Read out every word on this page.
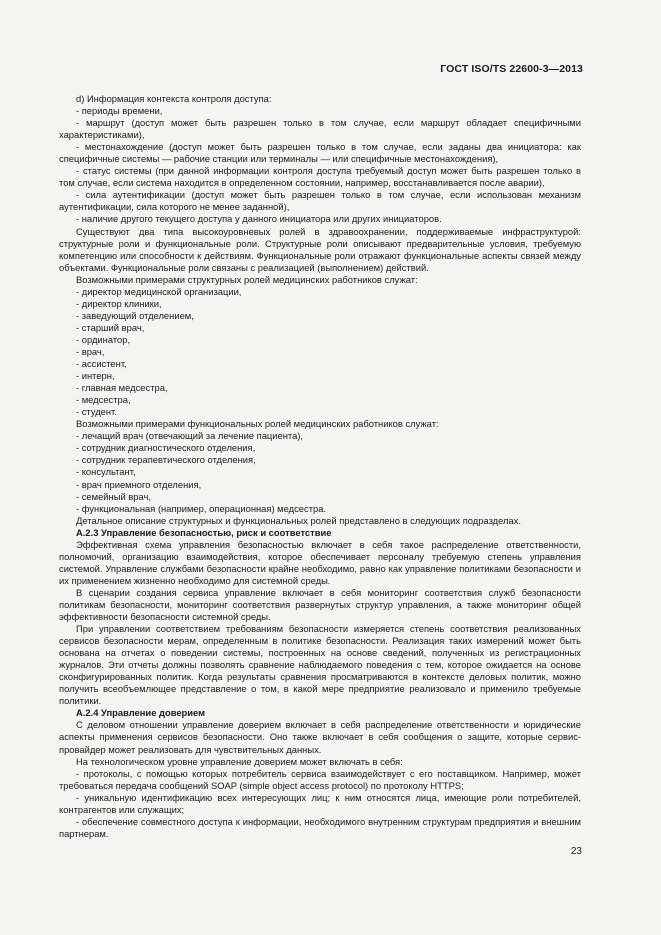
ГОСТ ISO/TS 22600-3—2013

d) Информация контекста контроля доступа:

- периоды времени,

- маршрут (доступ может быть разрешен только в том случае, если маршрут обладает специфичными характеристиками),

- местонахождение (доступ может быть разрешен только в том случае, если заданы два инициатора: как специфичные системы — рабочие станции или терминалы — или специфичные местонахождения),

- статус системы (при данной информации контроля доступа требуемый доступ может быть разрешен только в том случае, если система находится в определенном состоянии, например, восстанавливается после аварии),

- сила аутентификации (доступ может быть разрешен только в том случае, если использован механизм аутентификации, сила которого не менее заданной),

- наличие другого текущего доступа у данного инициатора или других инициаторов.

Существуют два типа высокоуровневых ролей в здравоохранении, поддерживаемые инфраструктурой: структурные роли и функциональные роли. Структурные роли описывают предварительные условия, требуемую компетенцию или способности к действиям. Функциональные роли отражают функциональные аспекты связей между объектами. Функциональные роли связаны с реализацией (выполнением) действий.

Возможными примерами структурных ролей медицинских работников служат:

- директор медицинской организации,

- директор клиники,

- заведующий отделением,

- старший врач,

- ординатор,

- врач,

- ассистент,

- интерн,

- главная медсестра,

- медсестра,

- студент.

Возможными примерами функциональных ролей медицинских работников служат:

- лечащий врач (отвечающий за лечение пациента),

- сотрудник диагностического отделения,

- сотрудник терапевтического отделения,

- консультант,

- врач приемного отделения,

- семейный врач,

- функциональная (например, операционная) медсестра.

Детальное описание структурных и функциональных ролей представлено в следующих подразделах.

A.2.3 Управление безопасностью, риск и соответствие

Эффективная схема управления безопасностью включает в себя такое распределение ответственности, полномочий, организацию взаимодействия, которое обеспечивает персоналу требуемую степень управления системой. Управление службами безопасности крайне необходимо, равно как управление политиками безопасности и их применением жизненно необходимо для системной среды.

В сценарии создания сервиса управление включает в себя мониторинг соответствия служб безопасности политикам безопасности, мониторинг соответствия развернутых структур управления, а также мониторинг общей эффективности безопасности системной среды.

При управлении соответствием требованиям безопасности измеряется степень соответствия реализованных сервисов безопасности мерам, определенным в политике безопасности. Реализация таких измерений может быть основана на отчетах о поведении системы, построенных на основе сведений, полученных из регистрационных журналов. Эти отчеты должны позволять сравнение наблюдаемого поведения с тем, которое ожидается на основе сконфигурированных политик. Когда результаты сравнения просматриваются в контексте деловых политик, можно получить всеобъемлющее представление о том, в какой мере предприятие реализовало и применило требуемые политики.

A.2.4 Управление доверием

С деловом отношении управление доверием включает в себя распределение ответственности и юридические аспекты применения сервисов безопасности. Оно также включает в себя сообщения о защите, которые сервис-провайдер может реализовать для чувствительных данных.

На технологическом уровне управление доверием может включать в себя:

- протоколы, с помощью которых потребитель сервиса взаимодействует с его поставщиком. Например, может требоваться передача сообщений SOAP (simple object access protocol) по протоколу HTTPS;

- уникальную идентификацию всех интересующих лиц; к ним относятся лица, имеющие роли потребителей, контрагентов или служащих;

- обеспечение совместного доступа к информации, необходимого внутренним структурам предприятия и внешним партнерам.

23
